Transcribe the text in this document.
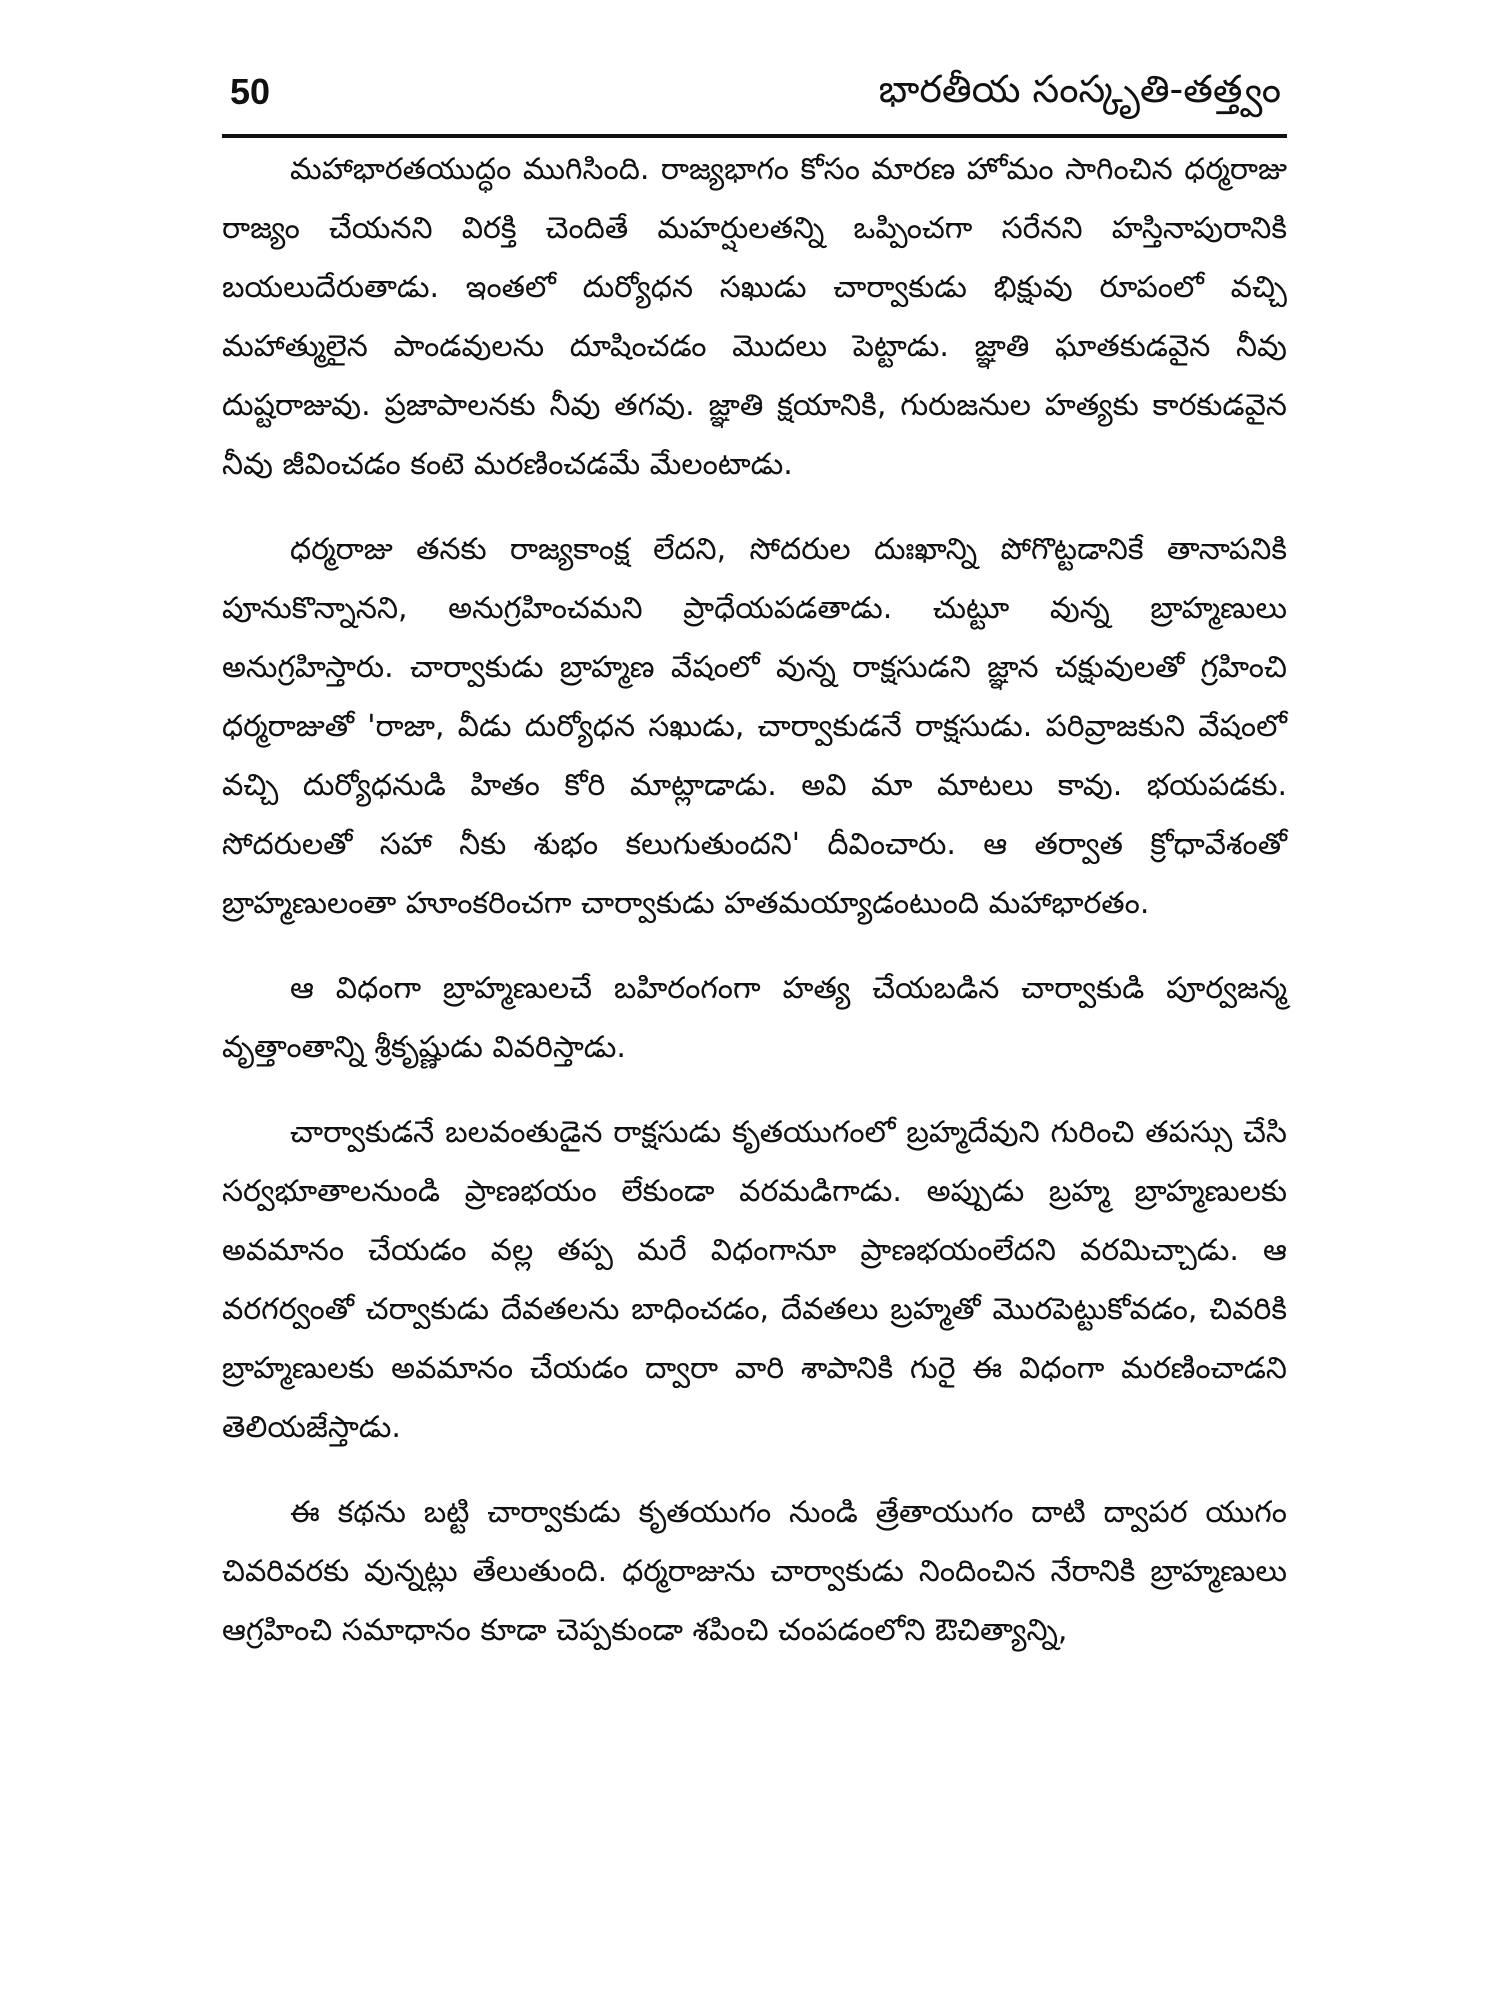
50	భారతీయ సంస్కృతి-తత్త్వం

మహాభారతయుద్ధం ముగిసింది. రాజ్యభాగం కోసం మారణ హోమం సాగించిన ధర్మరాజు రాజ్యం చేయనని విరక్తి చెందితే మహర్షులతన్ని ఒప్పించగా సరేనని హస్తినాపురానికి బయలుదేరుతాడు. ఇంతలో దుర్యోధన సఖుడు చార్వాకుడు భిక్షువు రూపంలో వచ్చి మహాత్ములైన పాండవులను దూషించడం మొదలు పెట్టాడు. జ్ఞాతి ఘాతకుడవైన నీవు దుష్టరాజువు. ప్రజాపాలనకు నీవు తగవు. జ్ఞాతి క్షయానికి, గురుజనుల హత్యకు కారకుడవైన నీవు జీవించడం కంటె మరణించడమే మేలంటాడు.

ధర్మరాజు తనకు రాజ్యకాంక్ష లేదని, సోదరుల దుఃఖాన్ని పోగొట్టడానికే తానాపనికి పూనుకొన్నానని, అనుగ్రహించమని ప్రాధేయపడతాడు. చుట్టూ వున్న బ్రాహ్మణులు అనుగ్రహిస్తారు. చార్వాకుడు బ్రాహ్మణ వేషంలో వున్న రాక్షసుడని జ్ఞాన చక్షువులతో గ్రహించి ధర్మరాజుతో 'రాజా, వీడు దుర్యోధన సఖుడు, చార్వాకుడనే రాక్షసుడు. పరివ్రాజకుని వేషంలో వచ్చి దుర్యోధనుడి హితం కోరి మాట్లాడాడు. అవి మా మాటలు కావు. భయపడకు. సోదరులతో సహా నీకు శుభం కలుగుతుందని' దీవించారు. ఆ తర్వాత క్రోధావేశంతో బ్రాహ్మణులంతా హూంకరించగా చార్వాకుడు హతమయ్యాడంటుంది మహాభారతం.

ఆ విధంగా బ్రాహ్మణులచే బహిరంగంగా హత్య చేయబడిన చార్వాకుడి పూర్వజన్మ వృత్తాంతాన్ని శ్రీకృష్ణుడు వివరిస్తాడు.

చార్వాకుడనే బలవంతుడైన రాక్షసుడు కృతయుగంలో బ్రహ్మదేవుని గురించి తపస్సు చేసి సర్వభూతాలనుండి ప్రాణభయం లేకుండా వరమడిగాడు. అప్పుడు బ్రహ్మ బ్రాహ్మణులకు అవమానం చేయడం వల్ల తప్ప మరే విధంగానూ ప్రాణభయంలేదని వరమిచ్చాడు. ఆ వరగర్వంతో చర్వాకుడు దేవతలను బాధించడం, దేవతలు బ్రహ్మతో మొరపెట్టుకోవడం, చివరికి బ్రాహ్మణులకు అవమానం చేయడం ద్వారా వారి శాపానికి గురై ఈ విధంగా మరణించాడని తెలియజేస్తాడు.

ఈ కథను బట్టి చార్వాకుడు కృతయుగం నుండి త్రేతాయుగం దాటి ద్వాపర యుగం చివరివరకు వున్నట్లు తేలుతుంది. ధర్మరాజును చార్వాకుడు నిందించిన నేరానికి బ్రాహ్మణులు ఆగ్రహించి సమాధానం కూడా చెప్పకుండా శపించి చంపడంలోని ఔచిత్యాన్ని,
